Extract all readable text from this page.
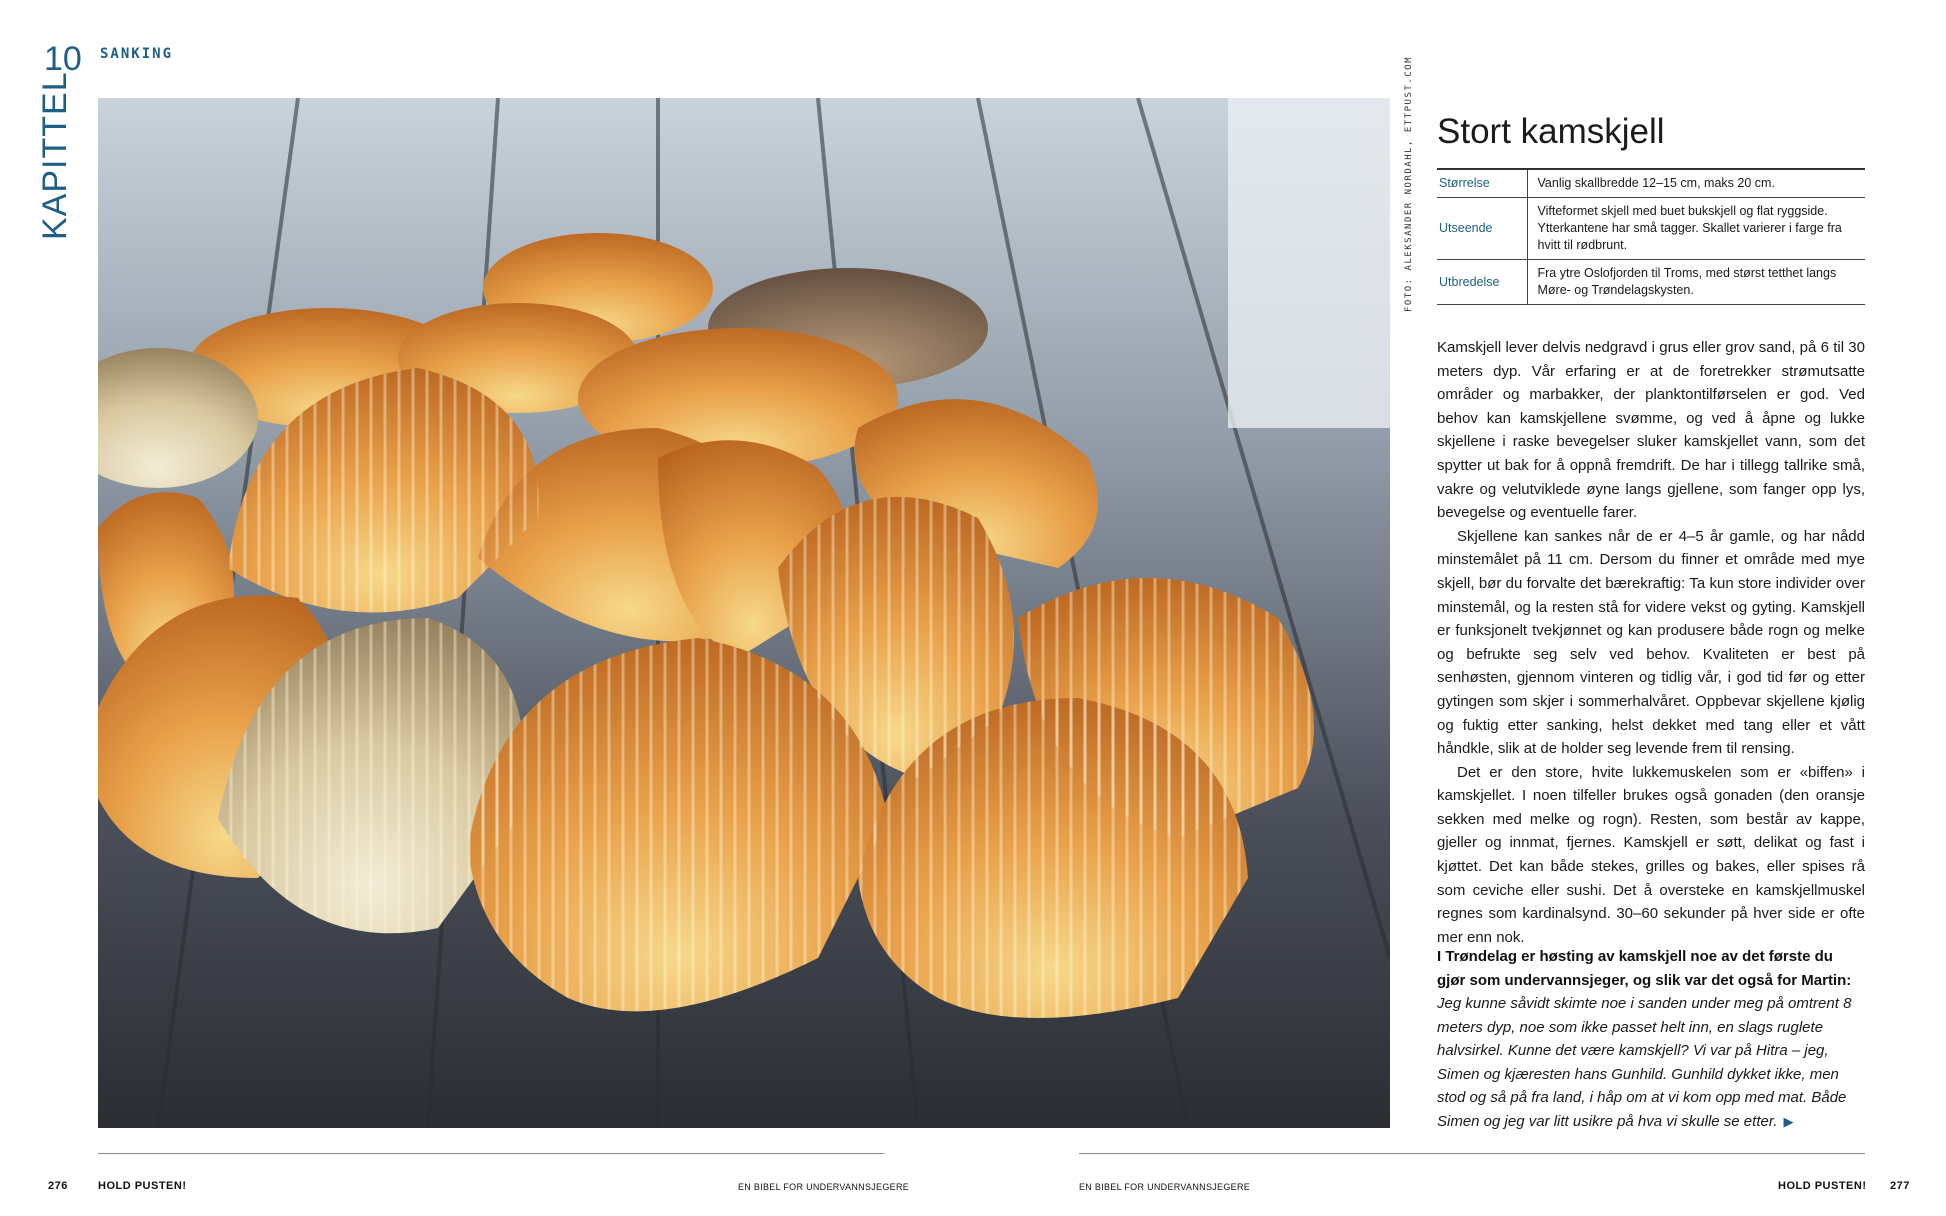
10 SANKING
KAPITTEL	FOTO: ALEKSANDER NORDAHL, ETTPUST.COM Stort kamskjell
Størrelse	Vanlig skallbredde 12–15 cm, maks 20 cm.
Utseende	Vifteformet skjell med buet bukskjell og flat ryggside. Ytterkantene har små tagger. Skallet varierer i farge fra hvitt til rødbrunt.
Utbredelse	Fra ytre Oslofjorden til Troms, med størst tetthet langs Møre- og Trøndelagskysten.

Kamskjell lever delvis nedgravd i grus eller grov sand, på 6 til 30 meters dyp. Vår erfaring er at de foretrekker strømutsatte områder og marbakker, der planktontilførselen er god. Ved behov kan kamskjellene svømme, og ved å åpne og lukke skjellene i raske bevegelser sluker kamskjellet vann, som det spytter ut bak for å oppnå fremdrift. De har i tillegg tallrike små, vakre og velutviklede øyne langs gjellene, som fanger opp lys, bevegelse og eventuelle farer.

Skjellene kan sankes når de er 4–5 år gamle, og har nådd minstemålet på 11 cm. Dersom du finner et område med mye skjell, bør du forvalte det bærekraftig: Ta kun store individer over minstemål, og la resten stå for videre vekst og gyting. Kamskjell er funksjonelt tvekjønnet og kan produsere både rogn og melke og befrukte seg selv ved behov. Kvaliteten er best på senhøsten, gjennom vinteren og tidlig vår, i god tid før og etter gytingen som skjer i sommerhalvåret. Oppbevar skjellene kjølig og fuktig etter sanking, helst dekket med tang eller et vått håndkle, slik at de holder seg levende frem til rensing.

Det er den store, hvite lukkemuskelen som er «biffen» i kamskjellet. I noen tilfeller brukes også gonaden (den oransje sekken med melke og rogn). Resten, som består av kappe, gjeller og innmat, fjernes. Kamskjell er søtt, delikat og fast i kjøttet. Det kan både stekes, grilles og bakes, eller spises rå som ceviche eller sushi. Det å oversteke en kamskjellmuskel regnes som kardinalsynd. 30–60 sekunder på hver side er ofte mer enn nok.

I Trøndelag er høsting av kamskjell noe av det første du gjør som undervannsjeger, og slik var det også for Martin:

Jeg kunne såvidt skimte noe i sanden under meg på omtrent 8 meters dyp, noe som ikke passet helt inn, en slags ruglete halvsirkel. Kunne det være kamskjell? Vi var på Hitra – jeg, Simen og kjæresten hans Gunhild. Gunhild dykket ikke, men stod og så på fra land, i håp om at vi kom opp med mat. Både Simen og jeg var litt usikre på hva vi skulle se etter. ▶

276	HOLD PUSTEN!	EN BIBEL FOR UNDERVANNSJEGERE	EN BIBEL FOR UNDERVANNSJEGERE	HOLD PUSTEN! 277
